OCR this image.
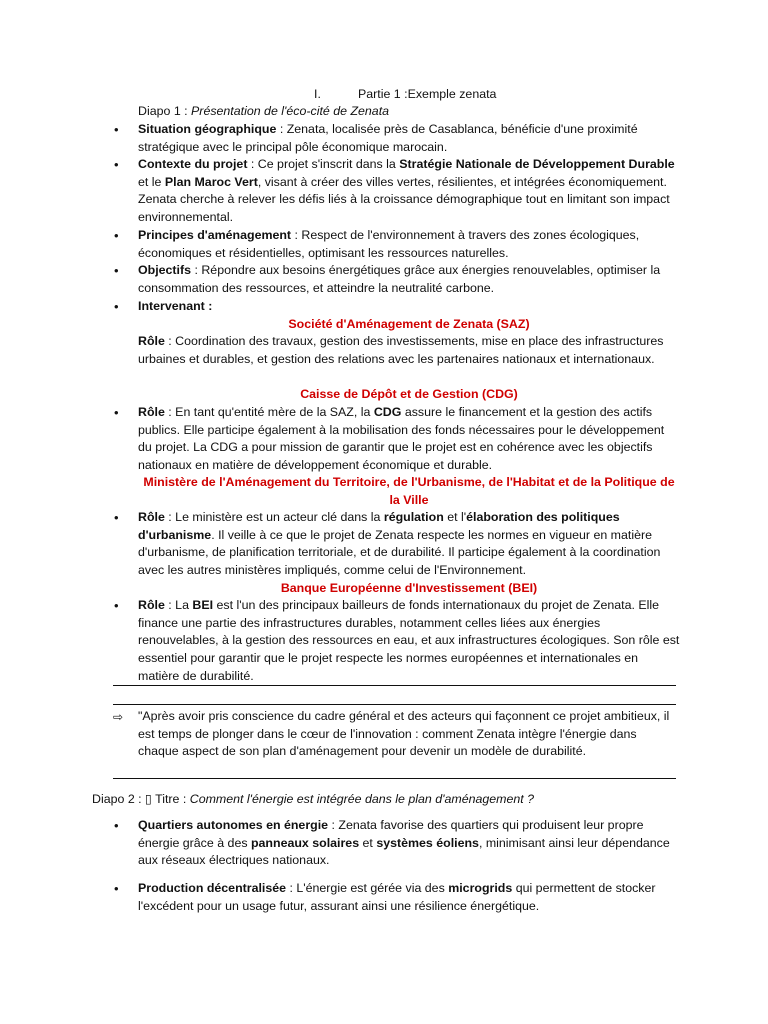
I.	Partie 1 :Exemple zenata
Diapo 1 : Présentation de l'éco-cité de Zenata
• Situation géographique : Zenata, localisée près de Casablanca, bénéficie d'une proximité stratégique avec le principal pôle économique marocain.
• Contexte du projet : Ce projet s'inscrit dans la Stratégie Nationale de Développement Durable et le Plan Maroc Vert, visant à créer des villes vertes, résilientes, et intégrées économiquement. Zenata cherche à relever les défis liés à la croissance démographique tout en limitant son impact environnemental.
• Principes d'aménagement : Respect de l'environnement à travers des zones écologiques, économiques et résidentielles, optimisant les ressources naturelles.
• Objectifs : Répondre aux besoins énergétiques grâce aux énergies renouvelables, optimiser la consommation des ressources, et atteindre la neutralité carbone.
• Intervenant :
Société d'Aménagement de Zenata (SAZ)
Rôle : Coordination des travaux, gestion des investissements, mise en place des infrastructures urbaines et durables, et gestion des relations avec les partenaires nationaux et internationaux.
Caisse de Dépôt et de Gestion (CDG)
• Rôle : En tant qu'entité mère de la SAZ, la CDG assure le financement et la gestion des actifs publics. Elle participe également à la mobilisation des fonds nécessaires pour le développement du projet. La CDG a pour mission de garantir que le projet est en cohérence avec les objectifs nationaux en matière de développement économique et durable.
Ministère de l'Aménagement du Territoire, de l'Urbanisme, de l'Habitat et de la Politique de la Ville
• Rôle : Le ministère est un acteur clé dans la régulation et l'élaboration des politiques d'urbanisme. Il veille à ce que le projet de Zenata respecte les normes en vigueur en matière d'urbanisme, de planification territoriale, et de durabilité. Il participe également à la coordination avec les autres ministères impliqués, comme celui de l'Environnement.
Banque Européenne d'Investissement (BEI)
• Rôle : La BEI est l'un des principaux bailleurs de fonds internationaux du projet de Zenata. Elle finance une partie des infrastructures durables, notamment celles liées aux énergies renouvelables, à la gestion des ressources en eau, et aux infrastructures écologiques. Son rôle est essentiel pour garantir que le projet respecte les normes européennes et internationales en matière de durabilité.
⇨ "Après avoir pris conscience du cadre général et des acteurs qui façonnent ce projet ambitieux, il est temps de plonger dans le cœur de l'innovation : comment Zenata intègre l'énergie dans chaque aspect de son plan d'aménagement pour devenir un modèle de durabilité.
Diapo 2 : ▯ Titre : Comment l'énergie est intégrée dans le plan d'aménagement ?
• Quartiers autonomes en énergie : Zenata favorise des quartiers qui produisent leur propre énergie grâce à des panneaux solaires et systèmes éoliens, minimisant ainsi leur dépendance aux réseaux électriques nationaux.
• Production décentralisée : L'énergie est gérée via des microgrids qui permettent de stocker l'excédent pour un usage futur, assurant ainsi une résilience énergétique.
